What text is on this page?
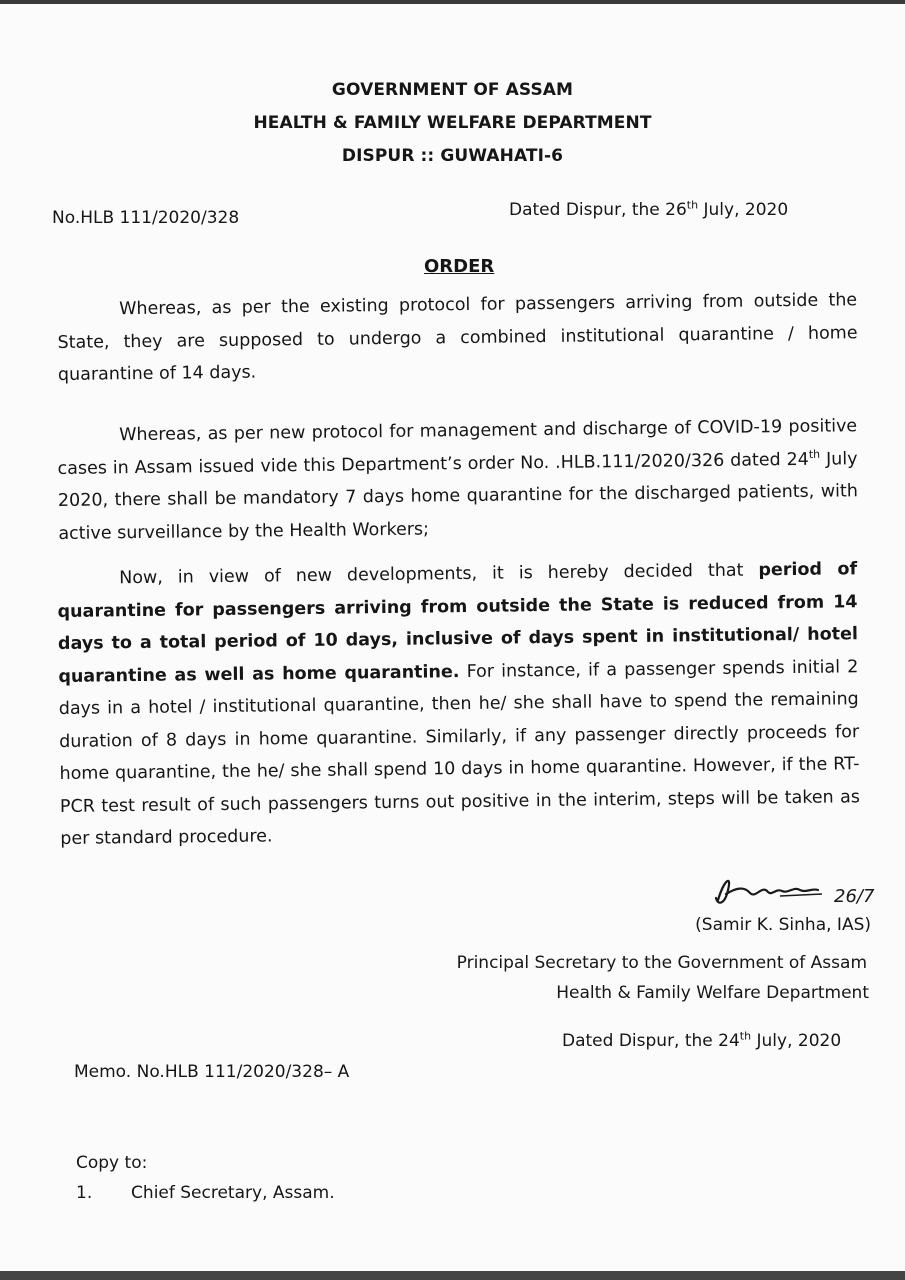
GOVERNMENT OF ASSAM
HEALTH & FAMILY WELFARE DEPARTMENT
DISPUR :: GUWAHATI-6
No.HLB 111/2020/328	Dated Dispur, the 26th July, 2020
ORDER
Whereas, as per the existing protocol for passengers arriving from outside the State, they are supposed to undergo a combined institutional quarantine / home quarantine of 14 days.
Whereas, as per new protocol for management and discharge of COVID-19 positive cases in Assam issued vide this Department’s order No. .HLB.111/2020/326 dated 24th July 2020, there shall be mandatory 7 days home quarantine for the discharged patients, with active surveillance by the Health Workers;
Now, in view of new developments, it is hereby decided that period of quarantine for passengers arriving from outside the State is reduced from 14 days to a total period of 10 days, inclusive of days spent in institutional/ hotel quarantine as well as home quarantine. For instance, if a passenger spends initial 2 days in a hotel / institutional quarantine, then he/ she shall have to spend the remaining duration of 8 days in home quarantine. Similarly, if any passenger directly proceeds for home quarantine, the he/ she shall spend 10 days in home quarantine. However, if the RT-PCR test result of such passengers turns out positive in the interim, steps will be taken as per standard procedure.
26/7
(Samir K. Sinha, IAS)
Principal Secretary to the Government of Assam
Health & Family Welfare Department
Memo. No.HLB 111/2020/328– A
Dated Dispur, the 24th July, 2020
Copy to:
1. Chief Secretary, Assam.
